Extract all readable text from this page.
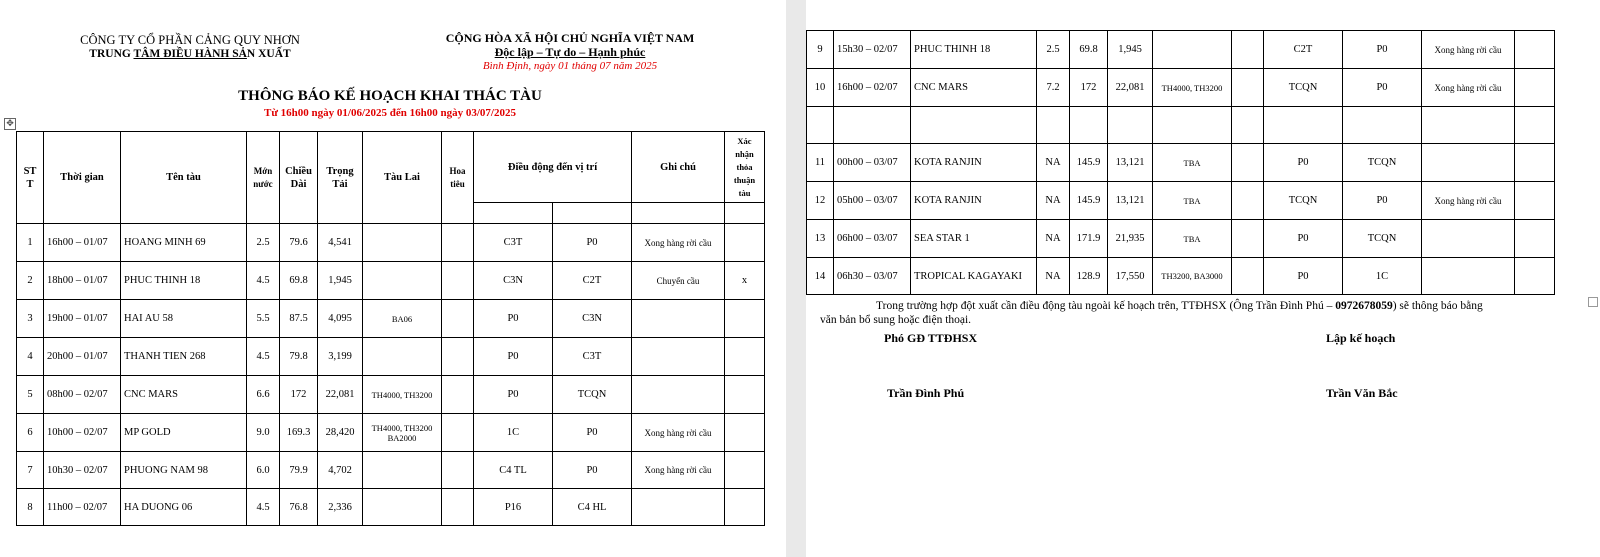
CÔNG TY CỔ PHẦN CẢNG QUY NHƠN
TRUNG TÂM ĐIỀU HÀNH SẢN XUẤT
CỘNG HÒA XÃ HỘI CHỦ NGHĨA VIỆT NAM
Độc lập – Tự do – Hạnh phúc
Bình Định, ngày 01 tháng 07 năm 2025
THÔNG BÁO KẾ HOẠCH KHAI THÁC TÀU
Từ 16h00 ngày 01/06/2025 đến 16h00 ngày 03/07/2025
✥
ST T	Thời gian	Tên tàu	Mớn nước	Chiều Dài	Trọng Tải	Tàu Lai	Hoa tiêu	Điều động đến vị trí		Ghi chú	Xác nhận thỏa thuận tàu

1	16h00 – 01/07	HOANG MINH 69	2.5	79.6	4,541			C3T	P0	Xong hàng rời cầu	
2	18h00 – 01/07	PHUC THINH 18	4.5	69.8	1,945			C3N	C2T	Chuyển cầu	x
3	19h00 – 01/07	HAI AU 58	5.5	87.5	4,095	BA06		P0	C3N		
4	20h00 – 01/07	THANH TIEN 268	4.5	79.8	3,199			P0	C3T		
5	08h00 – 02/07	CNC MARS	6.6	172	22,081	TH4000, TH3200		P0	TCQN		
6	10h00 – 02/07	MP GOLD	9.0	169.3	28,420	TH4000, TH3200
BA2000		1C	P0	Xong hàng rời cầu	
7	10h30 – 02/07	PHUONG NAM 98	6.0	79.9	4,702			C4 TL	P0	Xong hàng rời cầu	
8	11h00 – 02/07	HA DUONG 06	4.5	76.8	2,336			P16	C4 HL		
9	15h30 – 02/07	PHUC THINH 18	2.5	69.8	1,945			C2T	P0	Xong hàng rời cầu	
10	16h00 – 02/07	CNC MARS	7.2	172	22,081	TH4000, TH3200		TCQN	P0	Xong hàng rời cầu	

11	00h00 – 03/07	KOTA RANJIN	NA	145.9	13,121	TBA		P0	TCQN		
12	05h00 – 03/07	KOTA RANJIN	NA	145.9	13,121	TBA		TCQN	P0	Xong hàng rời cầu	
13	06h00 – 03/07	SEA STAR 1	NA	171.9	21,935	TBA		P0	TCQN		
14	06h30 – 03/07	TROPICAL KAGAYAKI	NA	128.9	17,550	TH3200, BA3000		P0	1C		
Trong trường hợp đột xuất cần điều động tàu ngoài kế hoạch trên, TTĐHSX (Ông Trần Đình Phú – 0972678059) sẽ thông báo bằng
văn bản bổ sung hoặc điện thoại.
Phó GĐ TTĐHSX	Lập kế hoạch
Trần Đình Phú	Trần Văn Bắc
